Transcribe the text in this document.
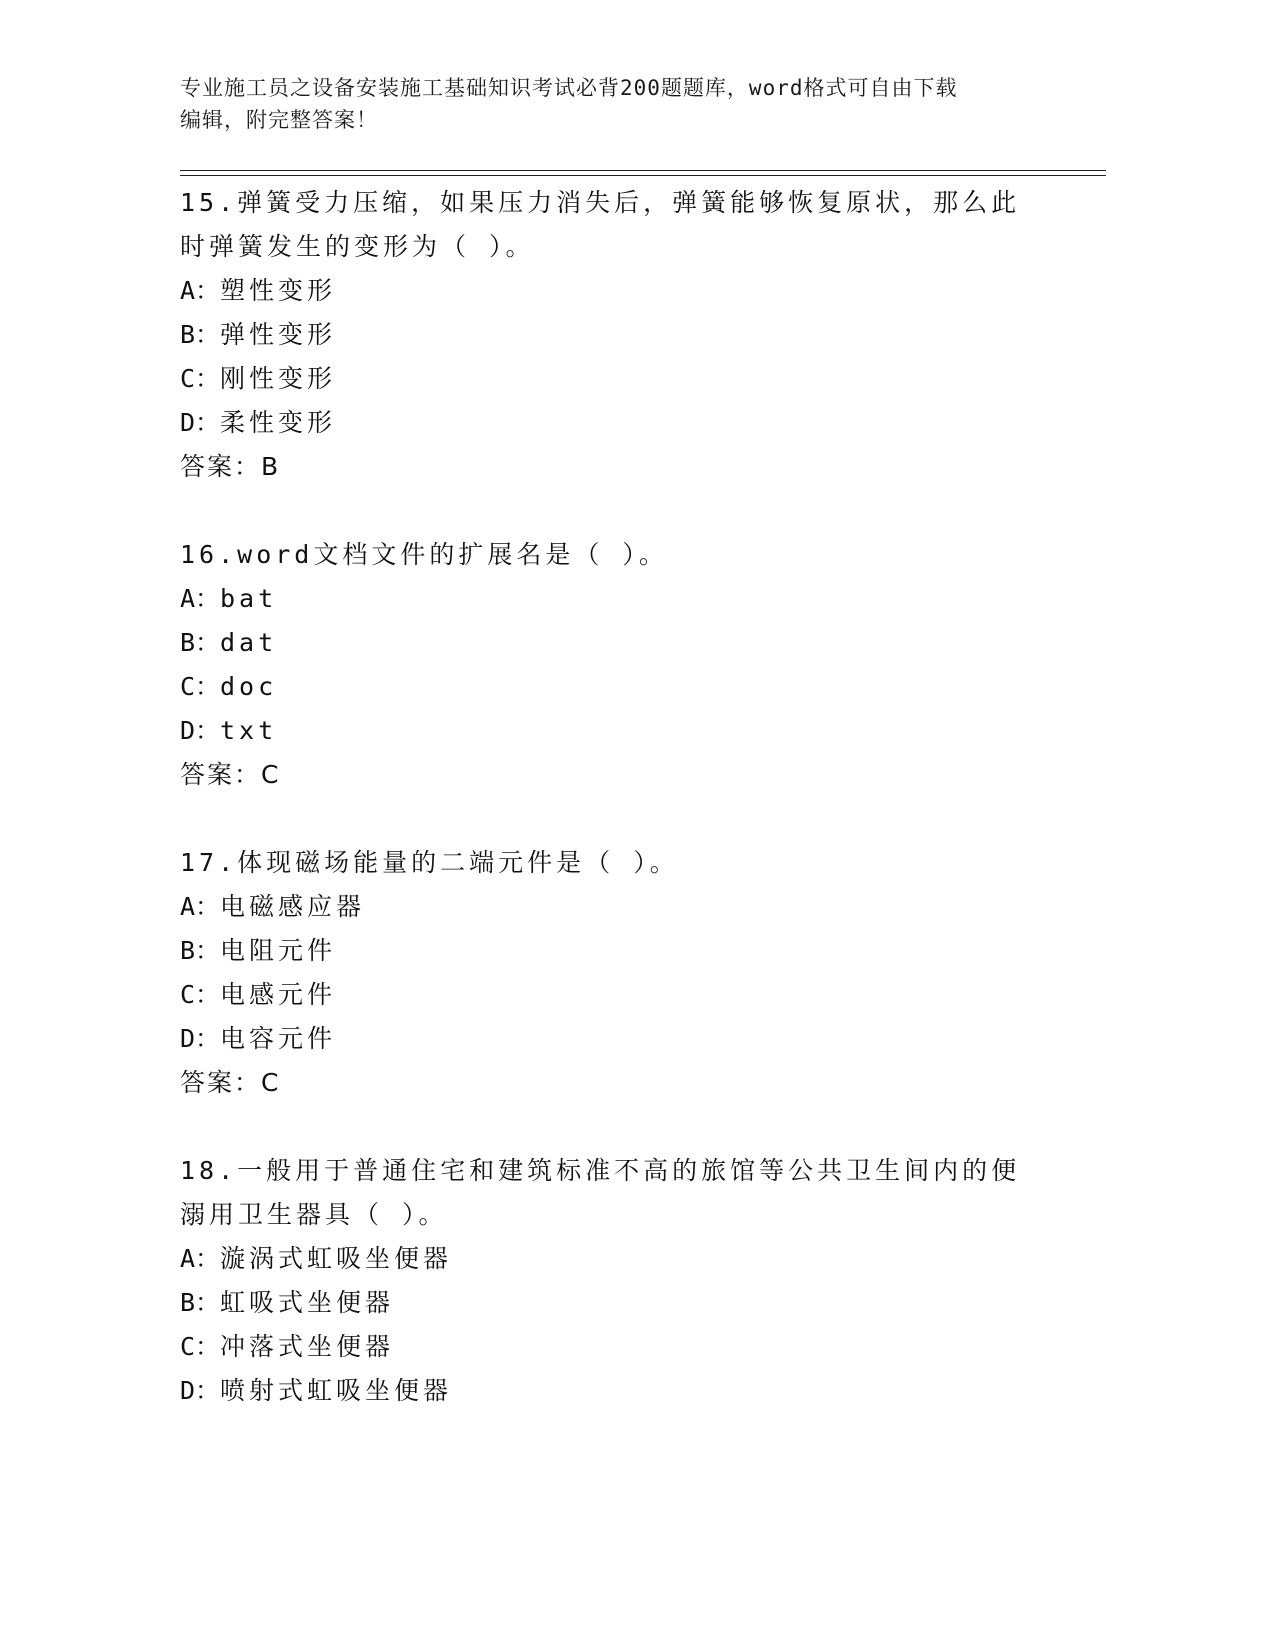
专业施工员之设备安装施工基础知识考试必背200题题库，word格式可自由下载
编辑，附完整答案！
15.弹簧受力压缩，如果压力消失后，弹簧能够恢复原状，那么此时弹簧发生的变形为（ ）。
A：塑性变形
B：弹性变形
C：刚性变形
D：柔性变形
答案：B
16.word文档文件的扩展名是（ ）。
A：bat
B：dat
C：doc
D：txt
答案：C
17.体现磁场能量的二端元件是（ ）。
A：电磁感应器
B：电阻元件
C：电感元件
D：电容元件
答案：C
18.一般用于普通住宅和建筑标准不高的旅馆等公共卫生间内的便溺用卫生器具（ ）。
A：漩涡式虹吸坐便器
B：虹吸式坐便器
C：冲落式坐便器
D：喷射式虹吸坐便器
